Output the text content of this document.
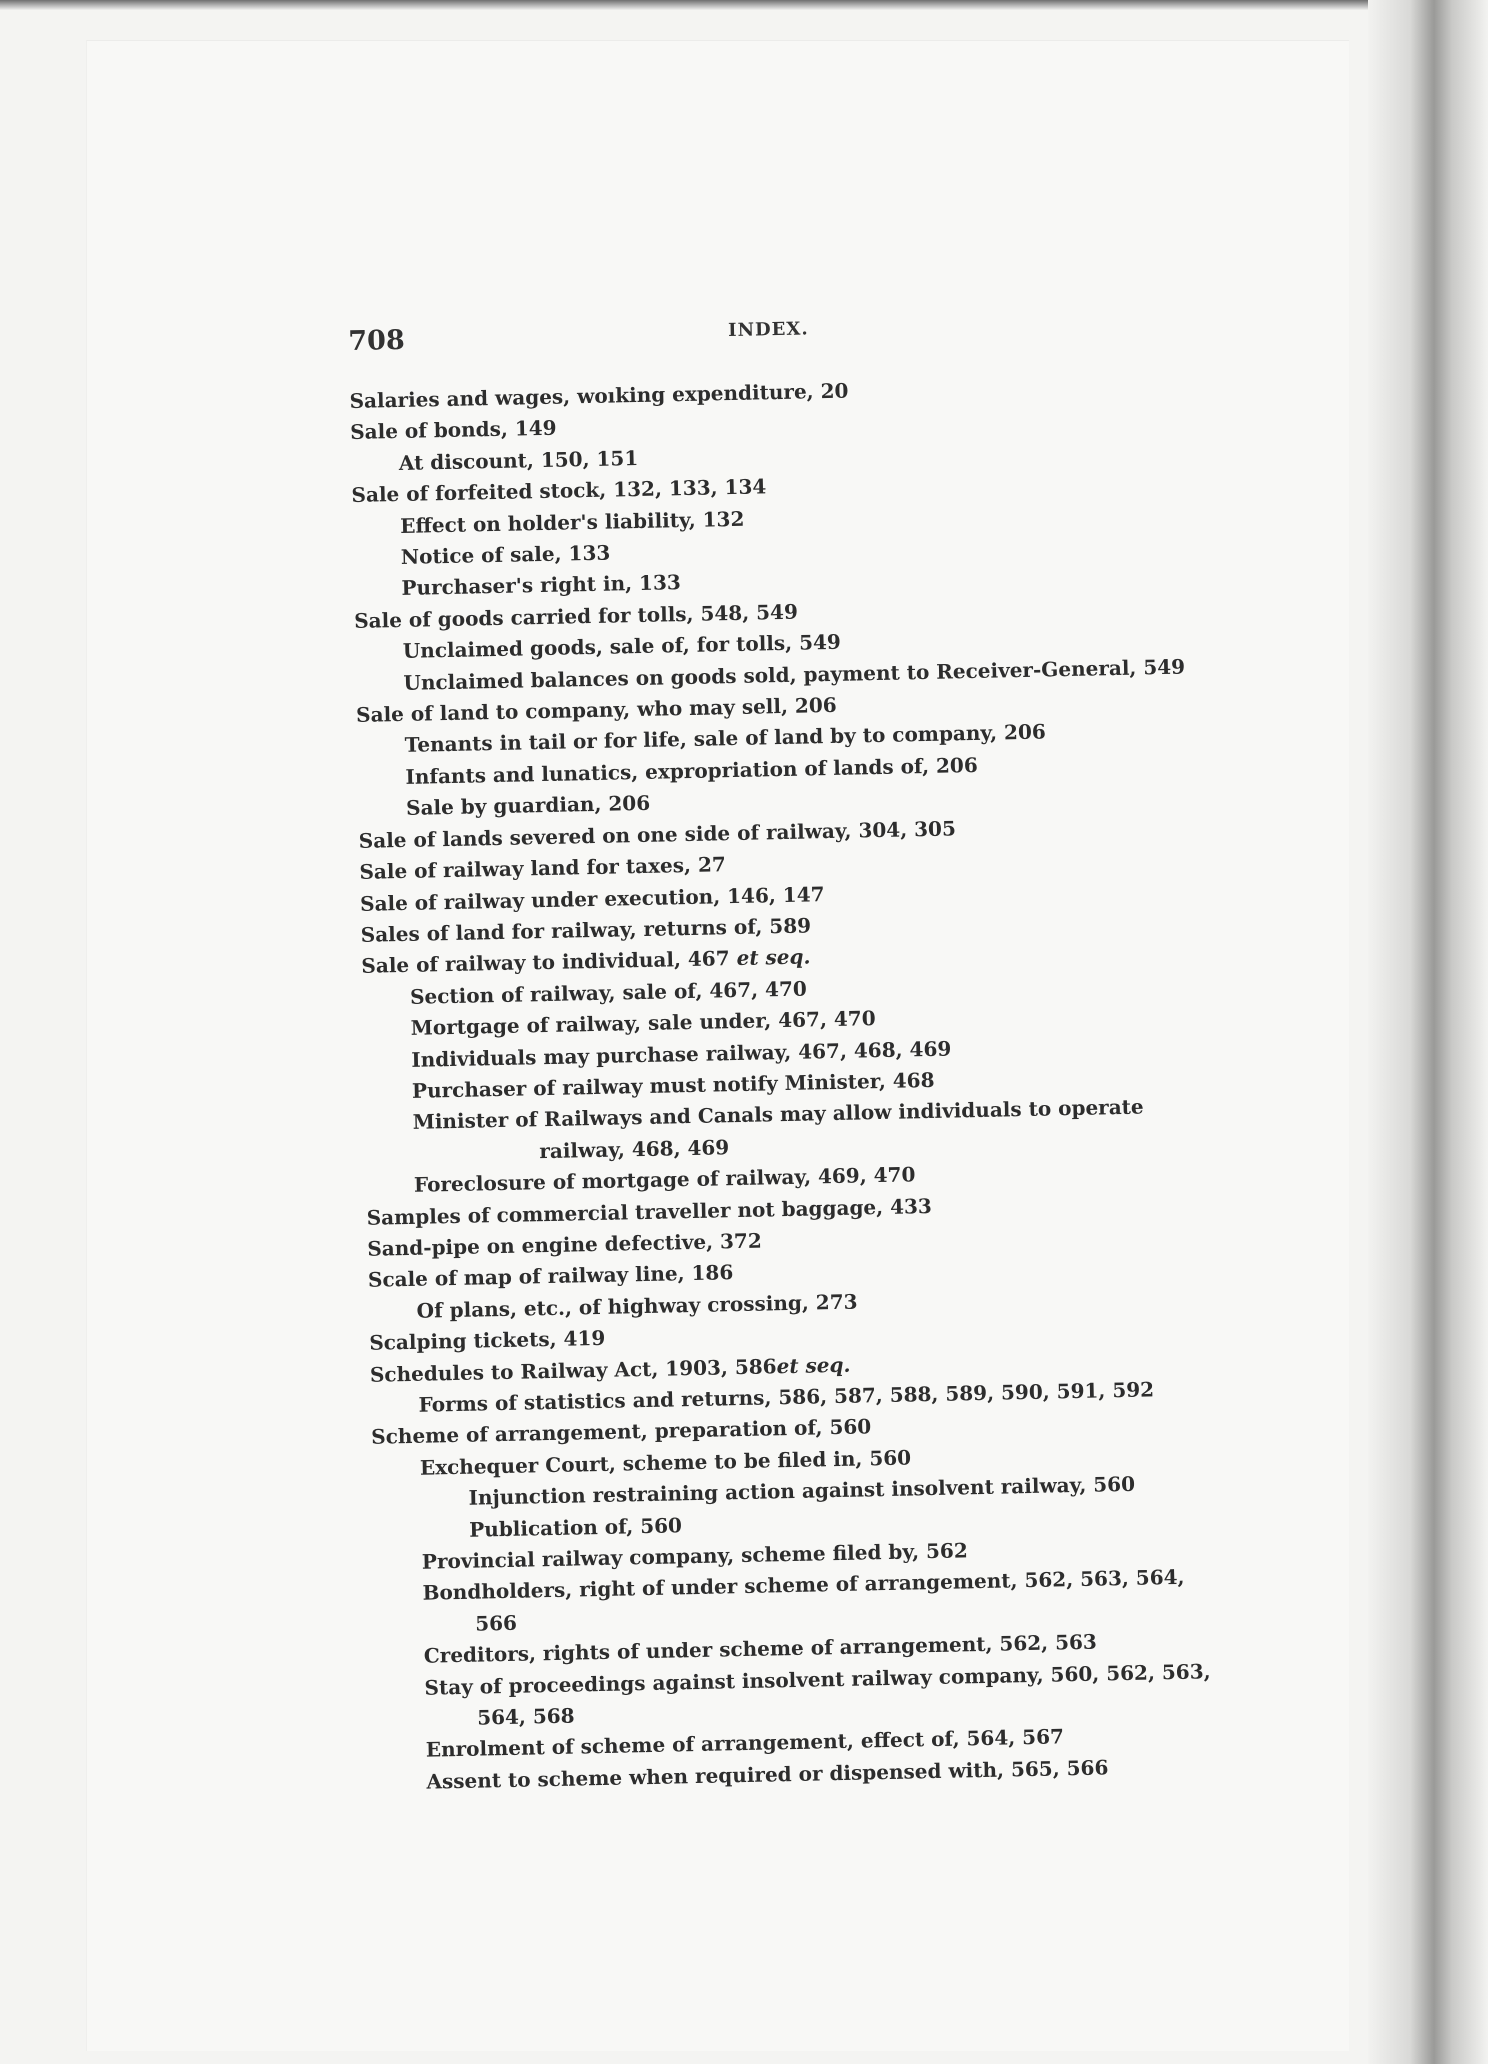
708	INDEX.
Salaries and wages, woıking expenditure, 20
Sale of bonds, 149
At discount, 150, 151
Sale of forfeited stock, 132, 133, 134
Effect on holder's liability, 132
Notice of sale, 133
Purchaser's right in, 133
Sale of goods carried for tolls, 548, 549
Unclaimed goods, sale of, for tolls, 549
Unclaimed balances on goods sold, payment to Receiver-General, 549
Sale of land to company, who may sell, 206
Tenants in tail or for life, sale of land by to company, 206
Infants and lunatics, expropriation of lands of, 206
Sale by guardian, 206
Sale of lands severed on one side of railway, 304, 305
Sale of railway land for taxes, 27
Sale of railway under execution, 146, 147
Sales of land for railway, returns of, 589
Sale of railway to individual, 467 et seq.
Section of railway, sale of, 467, 470
Mortgage of railway, sale under, 467, 470
Individuals may purchase railway, 467, 468, 469
Purchaser of railway must notify Minister, 468
Minister of Railways and Canals may allow individuals to operate
railway, 468, 469
Foreclosure of mortgage of railway, 469, 470
Samples of commercial traveller not baggage, 433
Sand-pipe on engine defective, 372
Scale of map of railway line, 186
Of plans, etc., of highway crossing, 273
Scalping tickets, 419
Schedules to Railway Act, 1903, 586et seq.
Forms of statistics and returns, 586, 587, 588, 589, 590, 591, 592
Scheme of arrangement, preparation of, 560
Exchequer Court, scheme to be filed in, 560
Injunction restraining action against insolvent railway, 560
Publication of, 560
Provincial railway company, scheme filed by, 562
Bondholders, right of under scheme of arrangement, 562, 563, 564,
566
Creditors, rights of under scheme of arrangement, 562, 563
Stay of proceedings against insolvent railway company, 560, 562, 563,
564, 568
Enrolment of scheme of arrangement, effect of, 564, 567
Assent to scheme when required or dispensed with, 565, 566
